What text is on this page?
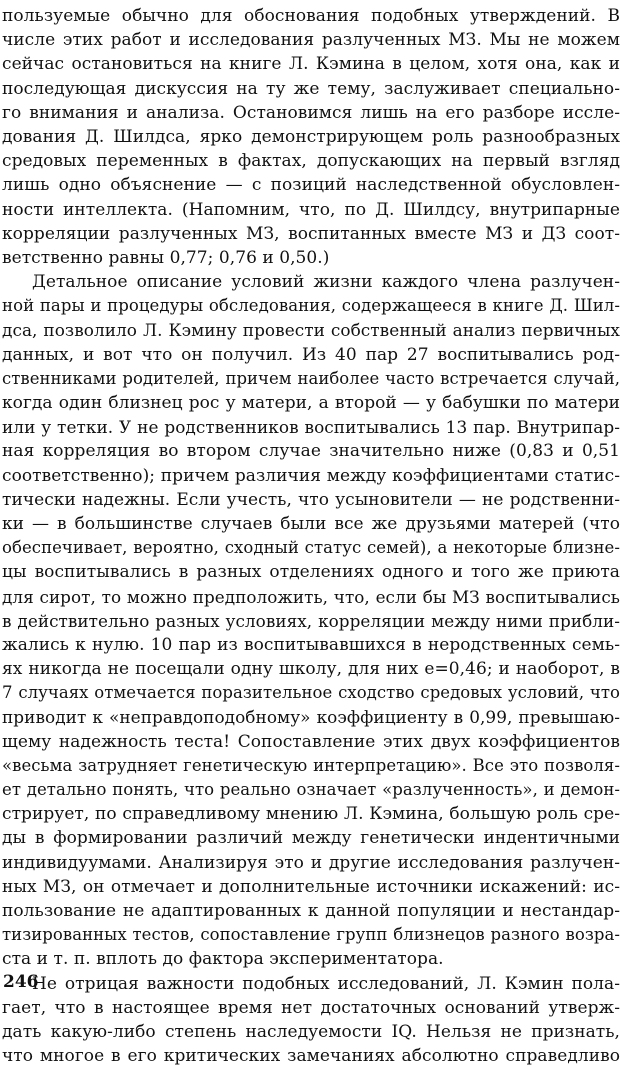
пользуемые обычно для обоснования подобных утверждений. В
числе этих работ и исследования разлученных МЗ. Мы не можем
сейчас остановиться на книге Л. Кэмина в целом, хотя она, как и
последующая дискуссия на ту же тему, заслуживает специально-
го внимания и анализа. Остановимся лишь на его разборе иссле-
дования Д. Шилдса, ярко демонстрирующем роль разнообразных
средовых переменных в фактах, допускающих на первый взгляд
лишь одно объяснение — с позиций наследственной обусловлен-
ности интеллекта. (Напомним, что, по Д. Шилдсу, внутрипарные
корреляции разлученных МЗ, воспитанных вместе МЗ и ДЗ соот-
ветственно равны 0,77; 0,76 и 0,50.)
Детальное описание условий жизни каждого члена разлучен-
ной пары и процедуры обследования, содержащееся в книге Д. Шил-
дса, позволило Л. Кэмину провести собственный анализ первичных
данных, и вот что он получил. Из 40 пар 27 воспитывались род-
ственниками родителей, причем наиболее часто встречается случай,
когда один близнец рос у матери, а второй — у бабушки по матери
или у тетки. У не родственников воспитывались 13 пар. Внутрипар-
ная корреляция во втором случае значительно ниже (0,83 и 0,51
соответственно); причем различия между коэффициентами статис-
тически надежны. Если учесть, что усыновители — не родственни-
ки — в большинстве случаев были все же друзьями матерей (что
обеспечивает, вероятно, сходный статус семей), а некоторые близне-
цы воспитывались в разных отделениях одного и того же приюта
для сирот, то можно предположить, что, если бы МЗ воспитывались
в действительно разных условиях, корреляции между ними прибли-
жались к нулю. 10 пар из воспитывавшихся в неродственных семь-
ях никогда не посещали одну школу, для них е=0,46; и наоборот, в
7 случаях отмечается поразительное сходство средовых условий, что
приводит к «неправдоподобному» коэффициенту в 0,99, превышаю-
щему надежность теста! Сопоставление этих двух коэффициентов
«весьма затрудняет генетическую интерпретацию». Все это позволя-
ет детально понять, что реально означает «разлученность», и демон-
стрирует, по справедливому мнению Л. Кэмина, большую роль сре-
ды в формировании различий между генетически индентичными
индивидуумами. Анализируя это и другие исследования разлучен-
ных МЗ, он отмечает и дополнительные источники искажений: ис-
пользование не адаптированных к данной популяции и нестандар-
тизированных тестов, сопоставление групп близнецов разного возра-
ста и т. п. вплоть до фактора экспериментатора.
Не отрицая важности подобных исследований, Л. Кэмин пола-
гает, что в настоящее время нет достаточных оснований утверж-
дать какую-либо степень наследуемости IQ. Нельзя не признать,
что многое в его критических замечаниях абсолютно справедливо
246
